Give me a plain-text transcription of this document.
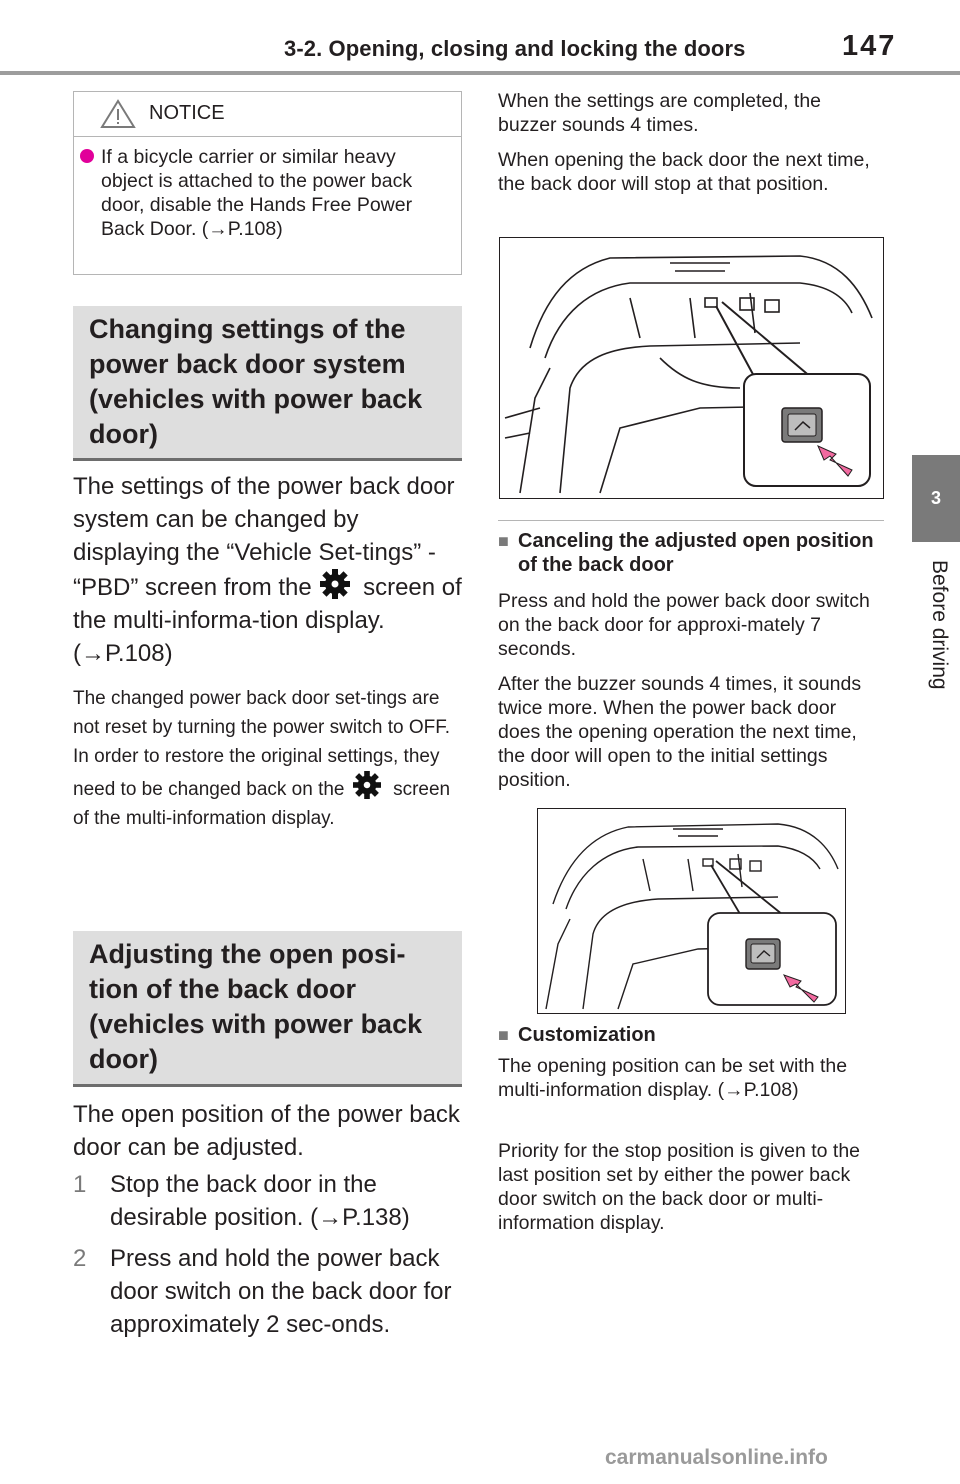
3-2. Opening, closing and locking the doors	147
3
Before driving
NOTICE
If a bicycle carrier or similar heavy object is attached to the power back door, disable the Hands Free Power Back Door. (→P.108)
Changing settings of the power back door system (vehicles with power back door)
The settings of the power back door system can be changed by displaying the “Vehicle Set-tings” - “PBD” screen from the screen of the multi-informa-tion display. (→P.108)
The changed power back door set-tings are not reset by turning the power switch to OFF. In order to restore the original settings, they need to be changed back on the	screen of the multi-information display.
Adjusting the open posi-tion of the back door (vehicles with power back door)
The open position of the power back door can be adjusted.
1 Stop the back door in the desirable position. (→P.138)
2 Press and hold the power back door switch on the back door for approximately 2 sec-onds.
When the settings are completed, the buzzer sounds 4 times.
When opening the back door the next time, the back door will stop at that position.
■ Canceling the adjusted open position of the back door
Press and hold the power back door switch on the back door for approxi-mately 7 seconds.
After the buzzer sounds 4 times, it sounds twice more. When the power back door does the opening operation the next time, the door will open to the initial settings position.
■ Customization
The opening position can be set with the multi-information display. (→P.108)
Priority for the stop position is given to the last position set by either the power back door switch on the back door or multi-information display.
carmanualsonline.info
